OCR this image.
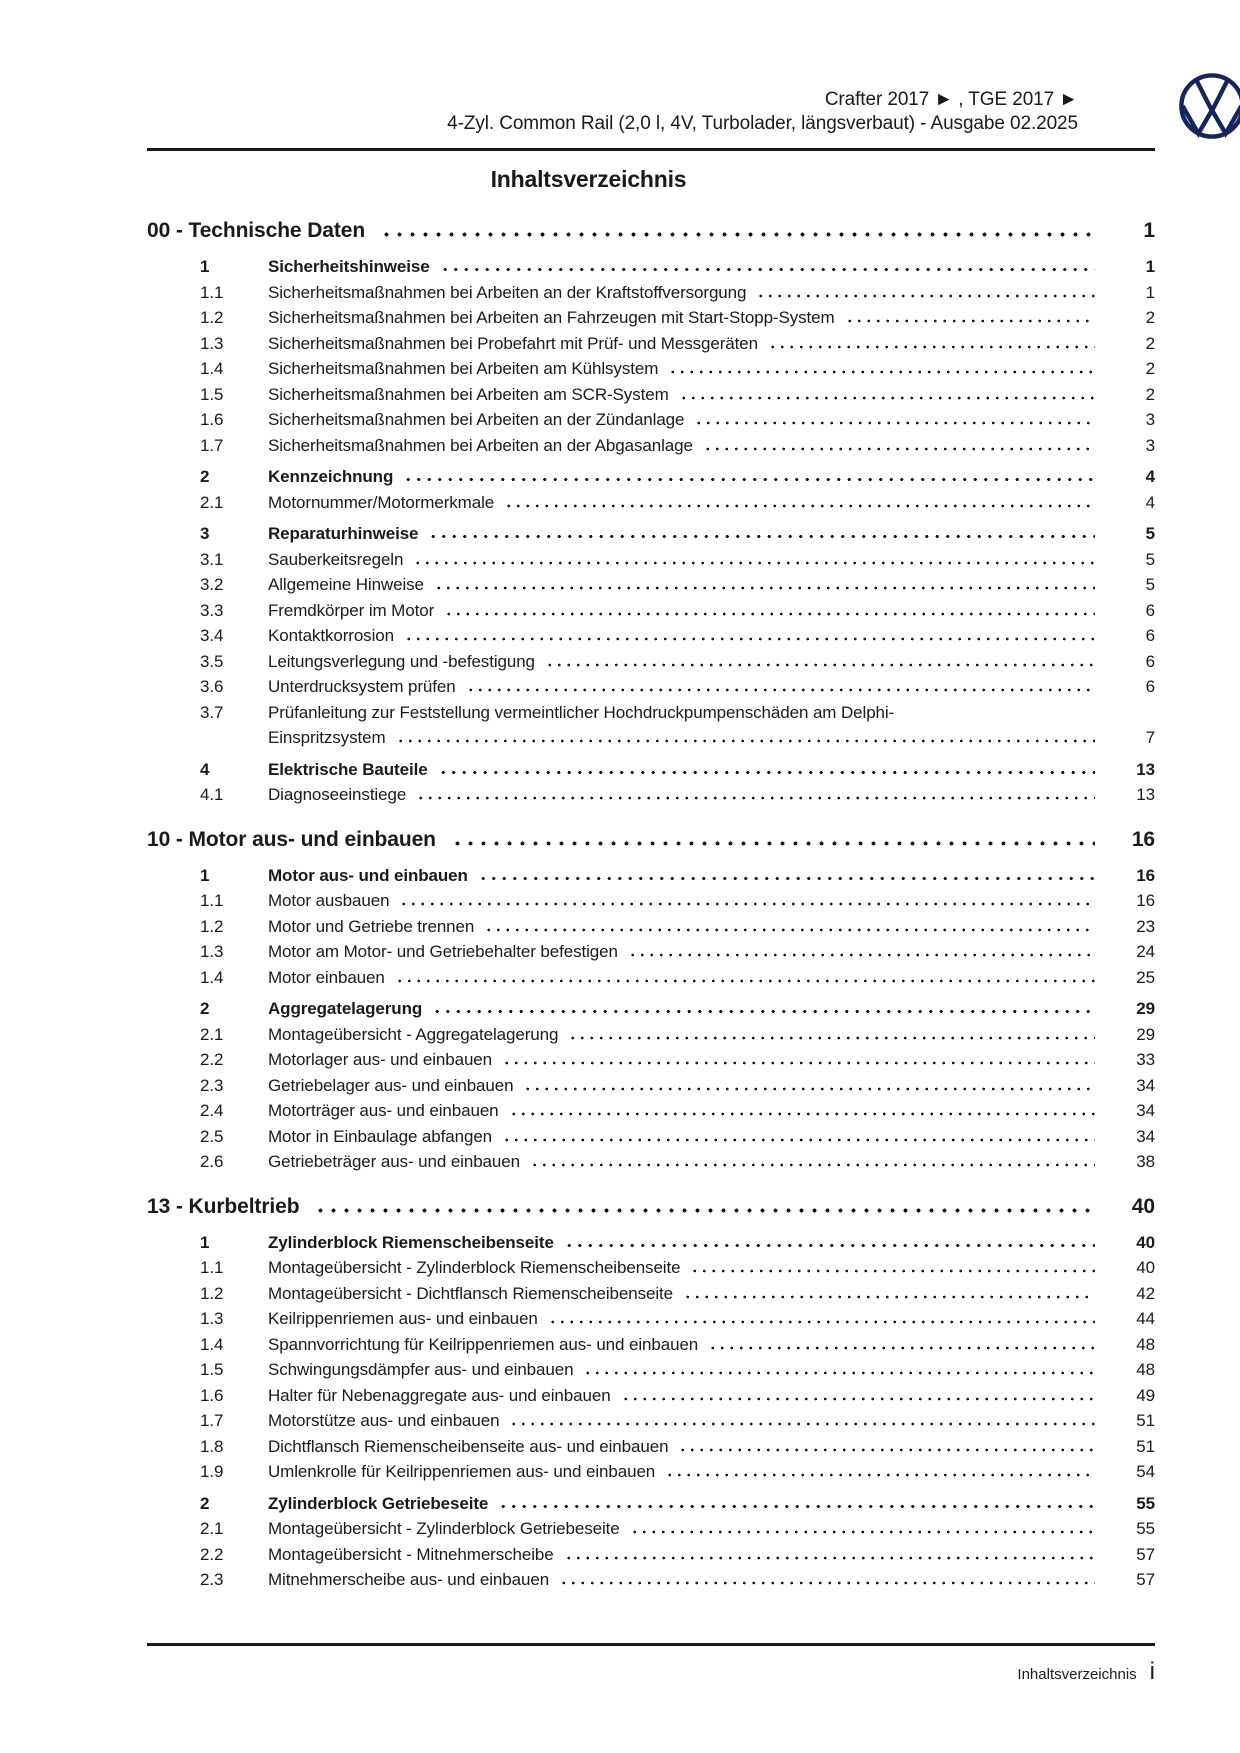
Crafter 2017 ► , TGE 2017 ►
4-Zyl. Common Rail (2,0 l, 4V, Turbolader, längsverbaut) - Ausgabe 02.2025
Inhaltsverzeichnis
00 - Technische Daten	1
1	Sicherheitshinweise	1
1.1	Sicherheitsmaßnahmen bei Arbeiten an der Kraftstoffversorgung	1
1.2	Sicherheitsmaßnahmen bei Arbeiten an Fahrzeugen mit Start-Stopp-System	2
1.3	Sicherheitsmaßnahmen bei Probefahrt mit Prüf- und Messgeräten	2
1.4	Sicherheitsmaßnahmen bei Arbeiten am Kühlsystem	2
1.5	Sicherheitsmaßnahmen bei Arbeiten am SCR-System	2
1.6	Sicherheitsmaßnahmen bei Arbeiten an der Zündanlage	3
1.7	Sicherheitsmaßnahmen bei Arbeiten an der Abgasanlage	3
2	Kennzeichnung	4
2.1	Motornummer/Motormerkmale	4
3	Reparaturhinweise	5
3.1	Sauberkeitsregeln	5
3.2	Allgemeine Hinweise	5
3.3	Fremdkörper im Motor	6
3.4	Kontaktkorrosion	6
3.5	Leitungsverlegung und -befestigung	6
3.6	Unterdrucksystem prüfen	6
3.7	Prüfanleitung zur Feststellung vermeintlicher Hochdruckpumpenschäden am Delphi-
Einspritzsystem	7
4	Elektrische Bauteile	13
4.1	Diagnoseeinstiege	13
10 - Motor aus- und einbauen	16
1	Motor aus- und einbauen	16
1.1	Motor ausbauen	16
1.2	Motor und Getriebe trennen	23
1.3	Motor am Motor- und Getriebehalter befestigen	24
1.4	Motor einbauen	25
2	Aggregatelagerung	29
2.1	Montageübersicht - Aggregatelagerung	29
2.2	Motorlager aus- und einbauen	33
2.3	Getriebelager aus- und einbauen	34
2.4	Motorträger aus- und einbauen	34
2.5	Motor in Einbaulage abfangen	34
2.6	Getriebeträger aus- und einbauen	38
13 - Kurbeltrieb	40
1	Zylinderblock Riemenscheibenseite	40
1.1	Montageübersicht - Zylinderblock Riemenscheibenseite	40
1.2	Montageübersicht - Dichtflansch Riemenscheibenseite	42
1.3	Keilrippenriemen aus- und einbauen	44
1.4	Spannvorrichtung für Keilrippenriemen aus- und einbauen	48
1.5	Schwingungsdämpfer aus- und einbauen	48
1.6	Halter für Nebenaggregate aus- und einbauen	49
1.7	Motorstütze aus- und einbauen	51
1.8	Dichtflansch Riemenscheibenseite aus- und einbauen	51
1.9	Umlenkrolle für Keilrippenriemen aus- und einbauen	54
2	Zylinderblock Getriebeseite	55
2.1	Montageübersicht - Zylinderblock Getriebeseite	55
2.2	Montageübersicht - Mitnehmerscheibe	57
2.3	Mitnehmerscheibe aus- und einbauen	57
Inhaltsverzeichnis i
